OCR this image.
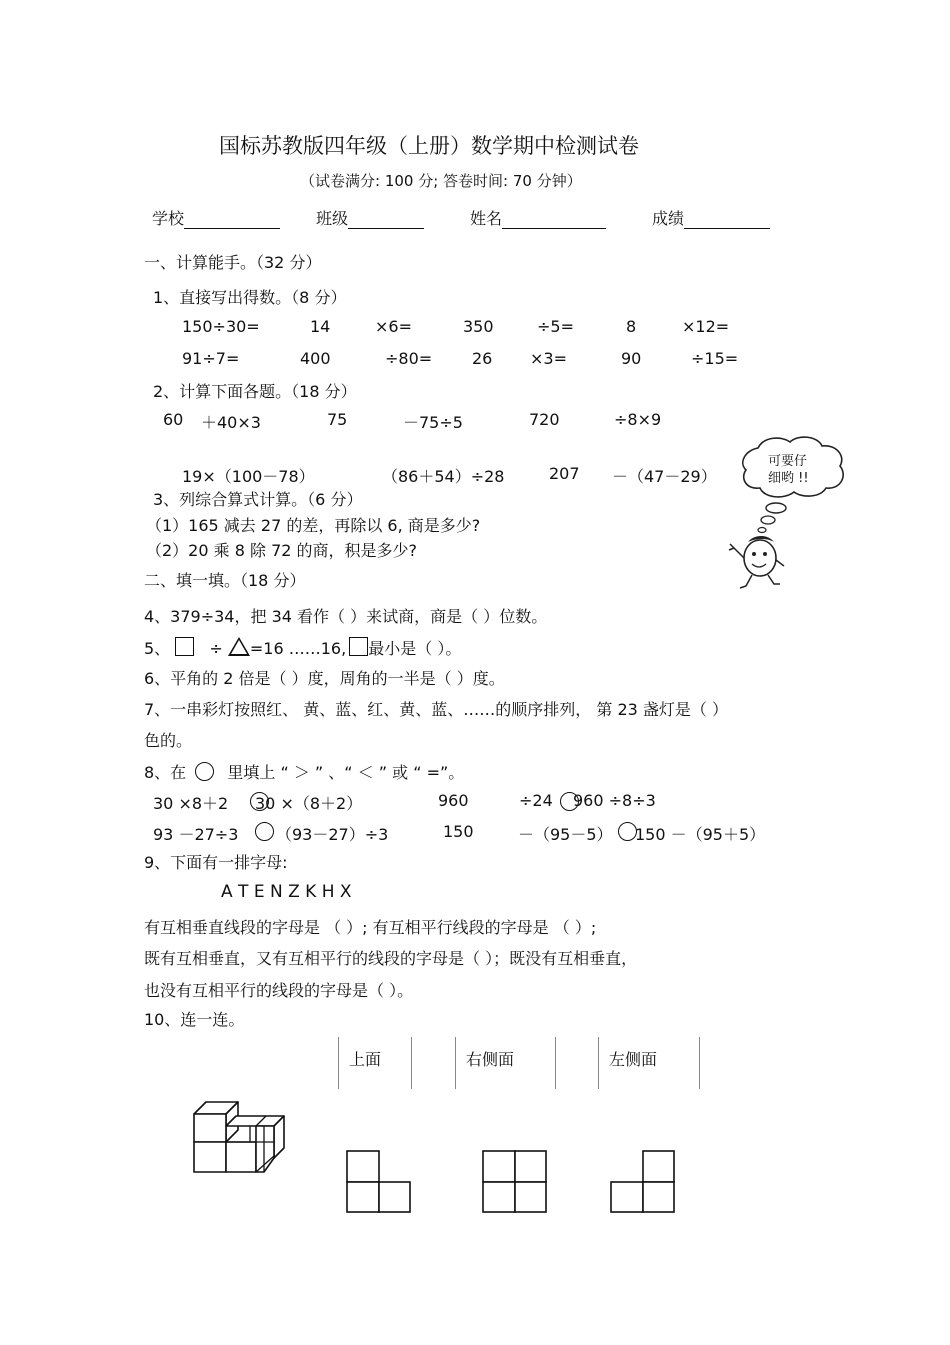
国标苏教版四年级（上册）数学期中检测试卷
（试卷满分: 100 分; 答卷时间: 70 分钟）
学校	班级	姓名	成绩
一、计算能手。（32 分）
1、直接写出得数。（8 分）
150÷30=	14	×6=	350	÷5=	8	×12=
91÷7=	400	÷80= 26 ×3=	90	÷15=
2、计算下面各题。（18 分）
60 ＋40×3	75	－75÷5	720	÷8×9
19×（100－78）	（86＋54）÷28	207 －（47－29）
3、列综合算式计算。（6 分）
（1）165 减去 27 的差，再除以 6, 商是多少?
（2）20 乘 8 除 72 的商，积是多少?
可要仔
细哟 !!
二、填一填。（18 分）
4、379÷34，把 34 看作（ ）来试商，商是（ ）位数。
5、 ÷ =16 ……16, 最小是（ ）。
6、平角的 2 倍是（ ）度，周角的一半是（ ）度。
7、一串彩灯按照红、 黄、蓝、红、黄、蓝、……的顺序排列， 第 23 盏灯是（ ）
色的。
8、在	里填上 “ ＞ ” 、“ ＜ ” 或 “ =”。
30 ×8＋2 30 ×（8＋2）	960	÷24 960 ÷8÷3
93 －27÷3 （93－27）÷3	150	－（95－5） 150 －（95＋5）
9、下面有一排字母:
A T E N Z K H X
有互相垂直线段的字母是 （ ）; 有互相平行线段的字母是 （ ）;
既有互相垂直，又有互相平行的线段的字母是（ ）；既没有互相垂直，
也没有互相平行的线段的字母是（ ）。
10、连一连。
上面	右侧面	左侧面
